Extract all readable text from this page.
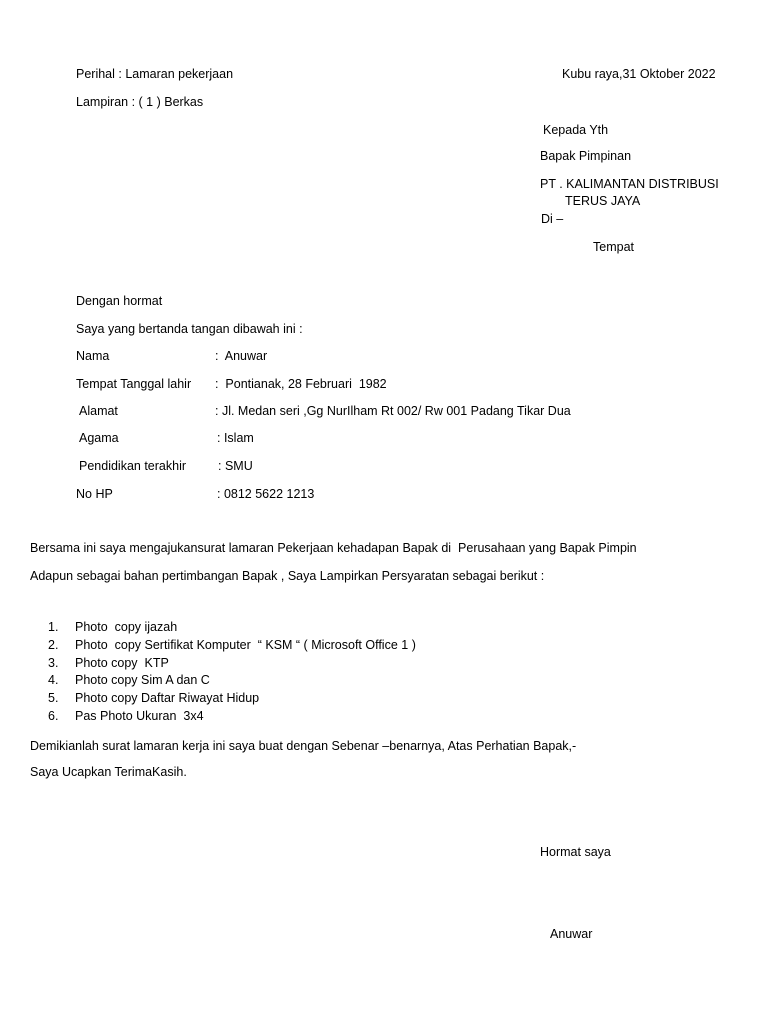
Perihal : Lamaran pekerjaan	Kubu raya,31 Oktober 2022
Lampiran : ( 1 ) Berkas
Kepada Yth
Bapak Pimpinan
PT . KALIMANTAN DISTRIBUSI
TERUS JAYA
Di –
Tempat
Dengan hormat
Saya yang bertanda tangan dibawah ini :
Nama	:  Anuwar
Tempat Tanggal lahir :  Pontianak, 28 Februari  1982
Alamat	: Jl. Medan seri ,Gg NurIlham Rt 002/ Rw 001 Padang Tikar Dua
Agama	: Islam
Pendidikan terakhir	: SMU
No HP	: 0812 5622 1213
Bersama ini saya mengajukansurat lamaran Pekerjaan kehadapan Bapak di  Perusahaan yang Bapak Pimpin
Adapun sebagai bahan pertimbangan Bapak , Saya Lampirkan Persyaratan sebagai berikut :
1. Photo  copy ijazah
2. Photo  copy Sertifikat Komputer  “ KSM “ ( Microsoft Office 1 )
3. Photo copy  KTP
4. Photo copy Sim A dan C
5. Photo copy Daftar Riwayat Hidup
6. Pas Photo Ukuran  3x4
Demikianlah surat lamaran kerja ini saya buat dengan Sebenar –benarnya, Atas Perhatian Bapak,-
Saya Ucapkan TerimaKasih.
Hormat saya
Anuwar
